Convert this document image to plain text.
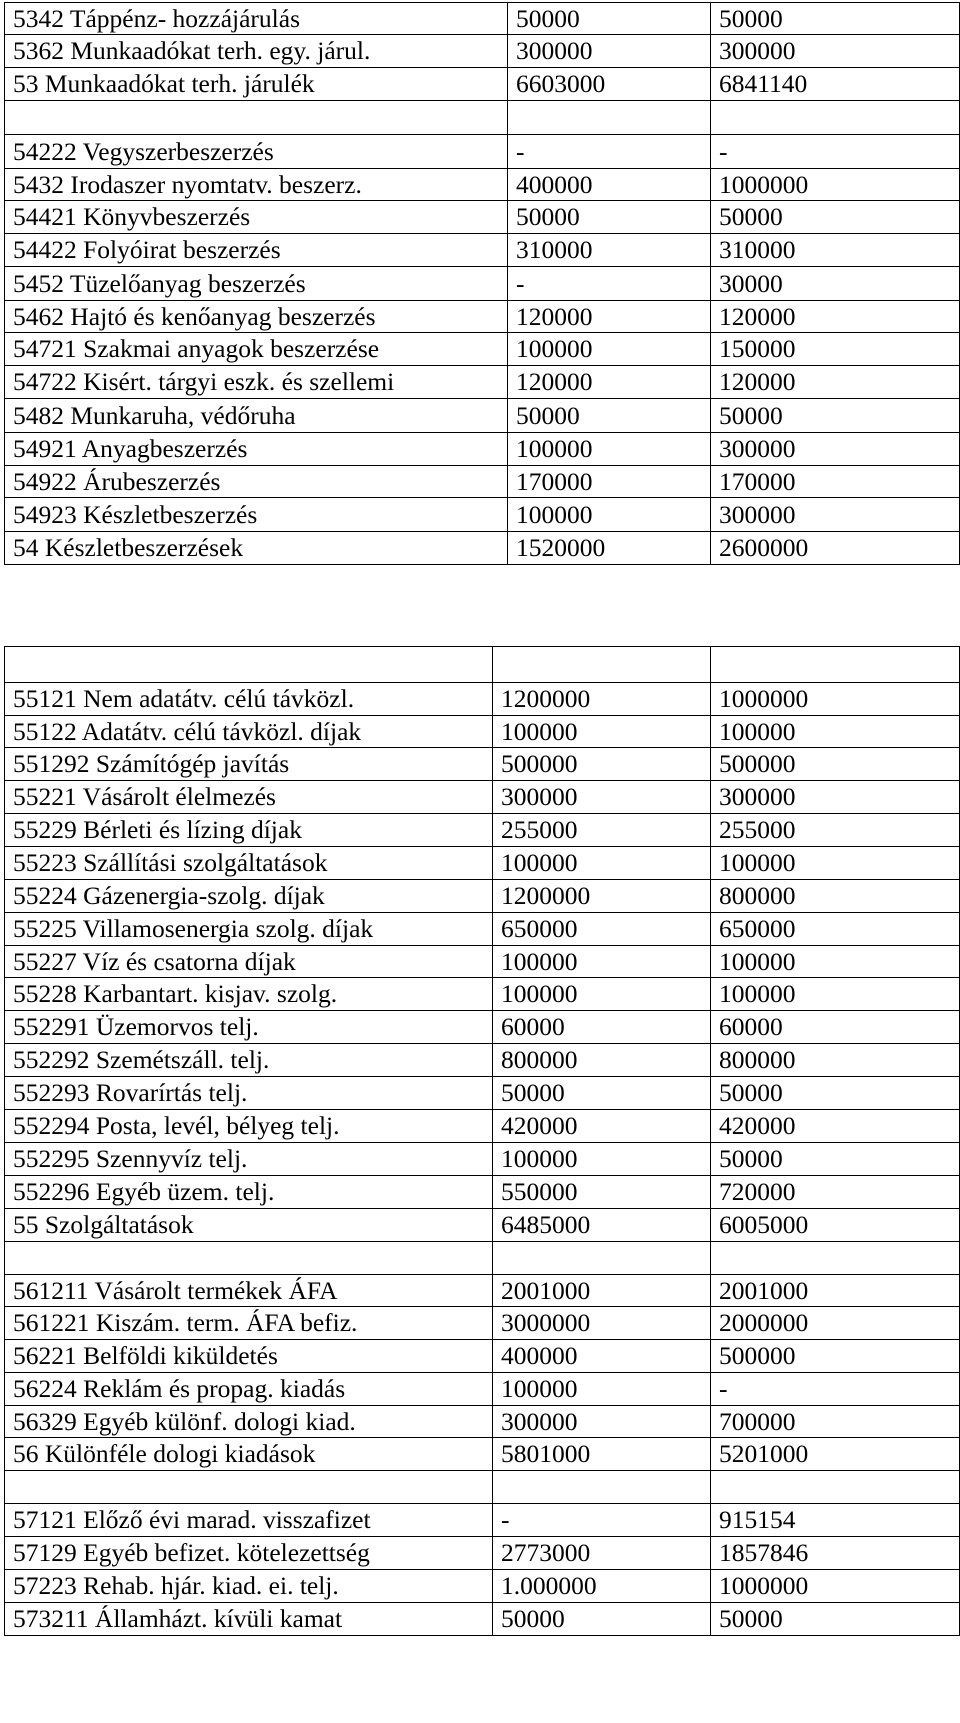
5342 Táppénz- hozzájárulás	50000	50000
5362 Munkaadókat terh. egy. járul.	300000	300000
53 Munkaadókat terh. járulék	6603000	6841140

54222 Vegyszerbeszerzés	-	-
5432 Irodaszer nyomtatv. beszerz.	400000	1000000
54421 Könyvbeszerzés	50000	50000
54422 Folyóirat beszerzés	310000	310000
5452 Tüzelőanyag beszerzés	-	30000
5462 Hajtó és kenőanyag beszerzés	120000	120000
54721 Szakmai anyagok beszerzése	100000	150000
54722 Kisért. tárgyi eszk. és szellemi	120000	120000
5482 Munkaruha, védőruha	50000	50000
54921 Anyagbeszerzés	100000	300000
54922 Árubeszerzés	170000	170000
54923 Készletbeszerzés	100000	300000
54 Készletbeszerzések	1520000	2600000

55121 Nem adatátv. célú távközl.	1200000	1000000
55122 Adatátv. célú távközl. díjak	100000	100000
551292 Számítógép javítás	500000	500000
55221 Vásárolt élelmezés	300000	300000
55229 Bérleti és lízing díjak	255000	255000
55223 Szállítási szolgáltatások	100000	100000
55224 Gázenergia-szolg. díjak	1200000	800000
55225 Villamosenergia szolg. díjak	650000	650000
55227 Víz és csatorna díjak	100000	100000
55228 Karbantart. kisjav. szolg.	100000	100000
552291 Üzemorvos telj.	60000	60000
552292 Szemétszáll. telj.	800000	800000
552293 Rovarírtás telj.	50000	50000
552294 Posta, levél, bélyeg telj.	420000	420000
552295 Szennyvíz telj.	100000	50000
552296 Egyéb üzem. telj.	550000	720000
55 Szolgáltatások	6485000	6005000

561211 Vásárolt termékek ÁFA	2001000	2001000
561221 Kiszám. term. ÁFA befiz.	3000000	2000000
56221 Belföldi kiküldetés	400000	500000
56224 Reklám és propag. kiadás	100000	-
56329 Egyéb különf. dologi kiad.	300000	700000
56 Különféle dologi kiadások	5801000	5201000

57121 Előző évi marad. visszafizet	-	915154
57129 Egyéb befizet. kötelezettség	2773000	1857846
57223 Rehab. hjár. kiad. ei. telj.	1.000000	1000000
573211 Államházt. kívüli kamat	50000	50000
